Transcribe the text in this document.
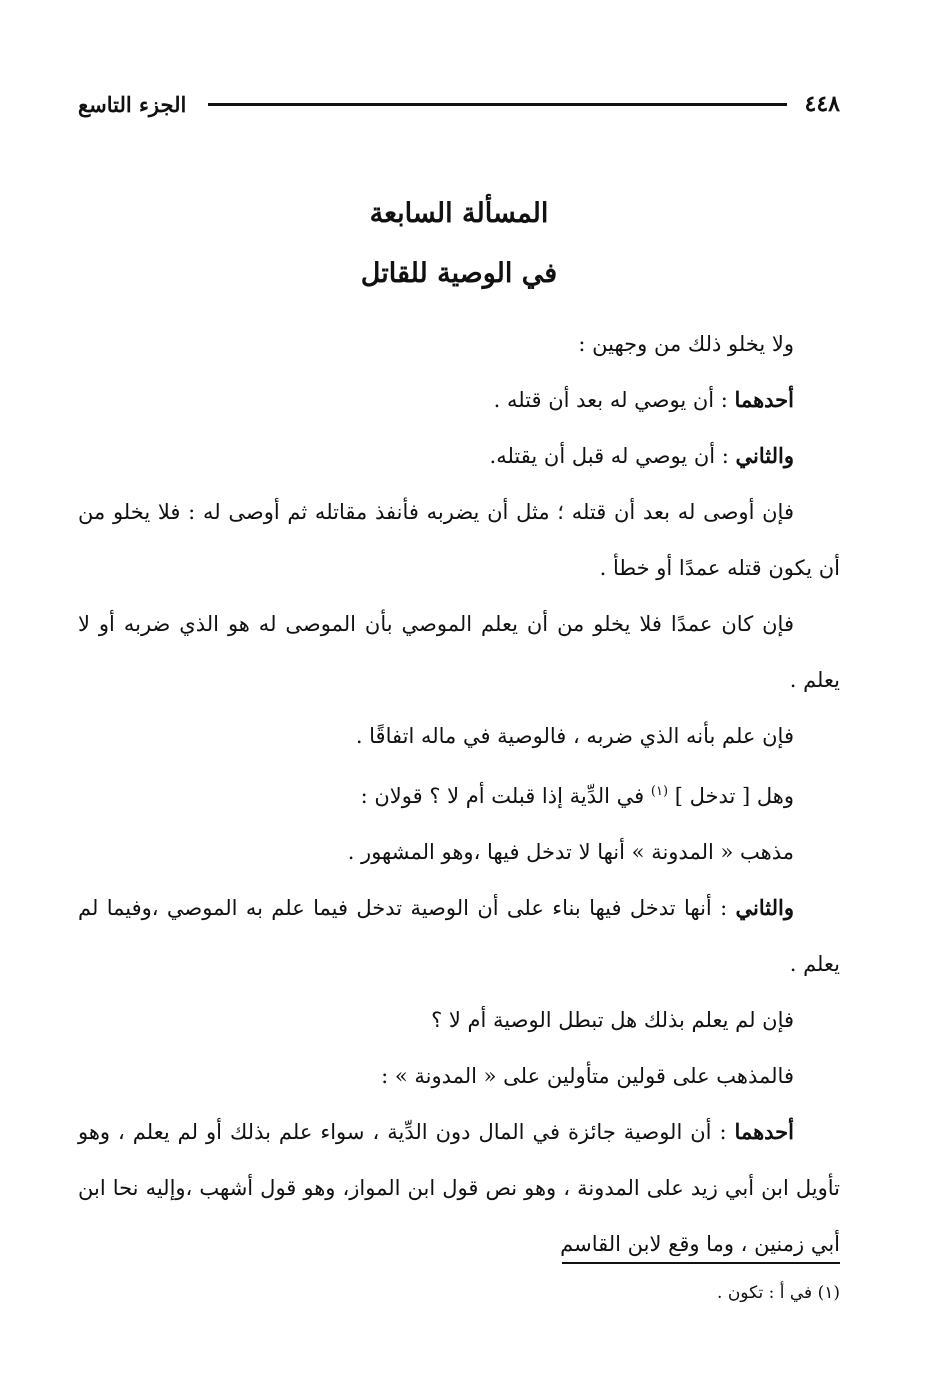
الجزء التاسع	٤٤٨
المسألة السابعة
في الوصية للقاتل

ولا يخلو ذلك من وجهين :

أحدهما : أن يوصي له بعد أن قتله .

والثاني : أن يوصي له قبل أن يقتله.

فإن أوصى له بعد أن قتله ؛ مثل أن يضربه فأنفذ مقاتله ثم أوصى له : فلا يخلو من أن يكون قتله عمدًا أو خطأ .

فإن كان عمدًا فلا يخلو من أن يعلم الموصي بأن الموصى له هو الذي ضربه أو لا يعلم .

فإن علم بأنه الذي ضربه ، فالوصية في ماله اتفاقًا .

وهل [ تدخل ] $^{(١)}$ في الدِّية إذا قبلت أم لا ؟ قولان :

مذهب « المدونة » أنها لا تدخل فيها ،وهو المشهور .

والثاني : أنها تدخل فيها بناء على أن الوصية تدخل فيما علم به الموصي ،وفيما لم يعلم .

فإن لم يعلم بذلك هل تبطل الوصية أم لا ؟

فالمذهب على قولين متأولين على « المدونة » :

أحدهما : أن الوصية جائزة في المال دون الدِّية ، سواء علم بذلك أو لم يعلم ، وهو تأويل ابن أبي زيد على المدونة ، وهو نص قول ابن المواز، وهو قول أشهب ،وإليه نحا ابن أبي زمنين ، وما وقع لابن القاسم

(١) في أ : تكون .
